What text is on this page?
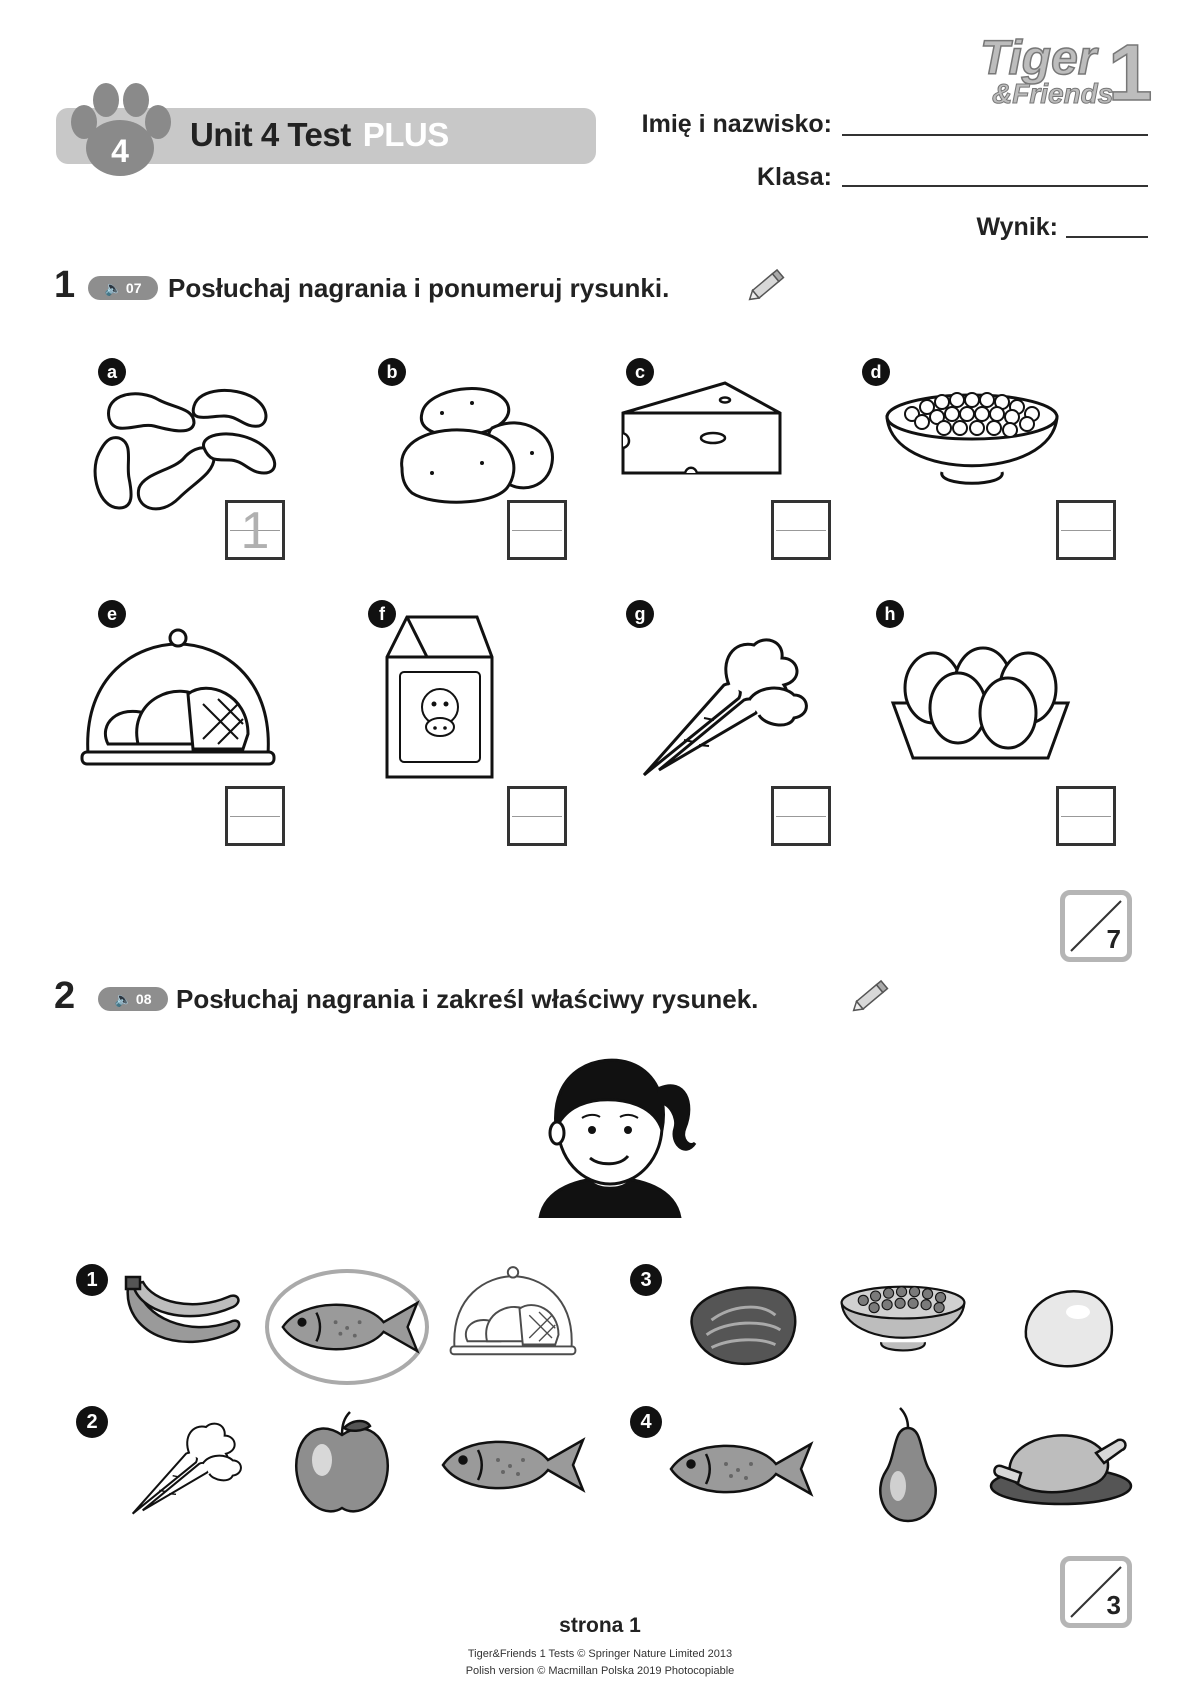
Tiger
&Friends
1
4 Unit 4 Test PLUS	Imię i nazwisko:
Klasa:
Wynik:
1 🔈 07 Posłuchaj nagrania i ponumeruj rysunki.
a
1
b	c	d
e	f	g	h
7
2	🔈 08 Posłuchaj nagrania i zakreśl właściwy rysunek.
1	3
2	4
3
strona 1
Tiger&Friends 1 Tests © Springer Nature Limited 2013
Polish version © Macmillan Polska 2019 Photocopiable
